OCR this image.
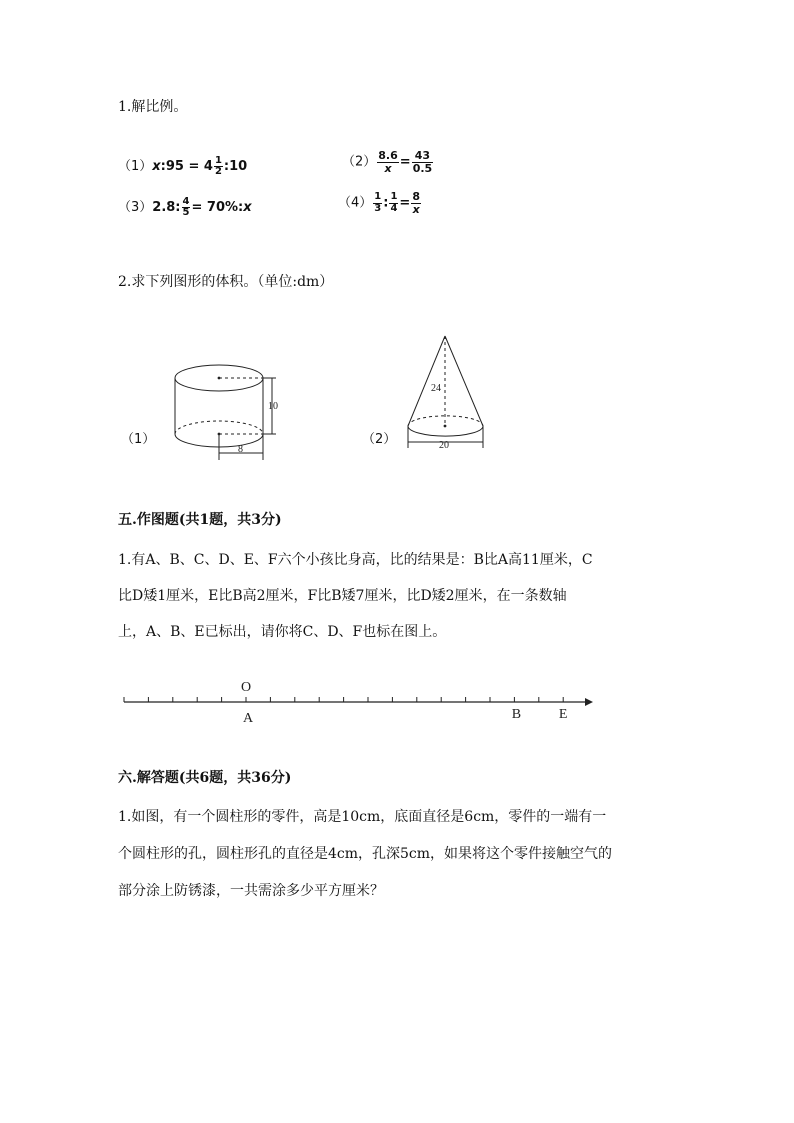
1.解比例。
（1）x:95 = $4 \frac{1}{2}$ :10	$(2) \frac{8.6}{x} = \frac{43}{0.5}$
（3）2.8: $\frac{4}{5}$ = 70%:x	$(4) \frac{1}{3}$ : $\frac{1}{4} = \frac{8}{x}$
2.求下列图形的体积。（单位:dm）
（1）
10
8
（2）
24
20
五.作图题(共1题，共3分)
1.有A、B、C、D、E、F六个小孩比身高，比的结果是：B比A高11厘米，C
比D矮1厘米，E比B高2厘米，F比B矮7厘米，比D矮2厘米，在一条数轴
上，A、B、E已标出，请你将C、D、F也标在图上。
O
A	B	E
六.解答题(共6题，共36分)
1.如图，有一个圆柱形的零件，高是10cm，底面直径是6cm，零件的一端有一
个圆柱形的孔，圆柱形孔的直径是4cm，孔深5cm，如果将这个零件接触空气的
部分涂上防锈漆，一共需涂多少平方厘米？
